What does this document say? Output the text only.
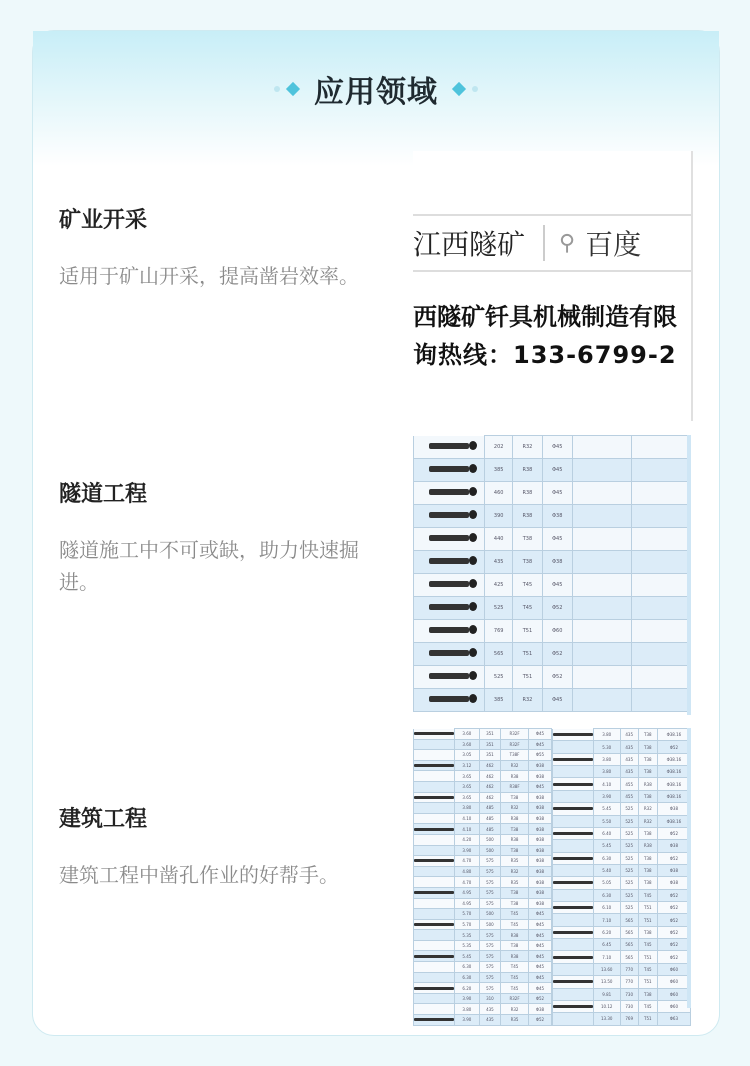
应用领域
矿业开采

适用于矿山开采，提高凿岩效率。

江西隧矿 ⚲ 百度
西隧矿钎具机械制造有限
询热线：133-6799-2
隧道工程

隧道施工中不可或缺，助力快速掘进。

	202	R32	Φ45		
	385	R38	Φ45		
	460	R38	Φ45		
	390	R38	Φ38		
	440	T38	Φ45		
	435	T38	Φ38		
	425	T45	Φ45		
	525	T45	Φ52		
	769	T51	Φ60		
	565	T51	Φ52		
	525	T51	Φ52		
	385	R32	Φ45		
建筑工程

建筑工程中凿孔作业的好帮手。

	3.60	351	R32F	Φ45
	3.60	351	R32F	Φ45
	3.05	351	T38F	Φ55
	3.12	462	R32	Φ38
	3.65	462	R38	Φ38
	3.65	462	R38F	Φ45
	3.65	462	T38	Φ38
	3.80	485	R32	Φ38
	4.10	485	R38	Φ38
	4.10	485	T38	Φ38
	4.20	500	R38	Φ38
	3.90	500	T38	Φ38
	4.70	575	R35	Φ38
	4.80	575	R32	Φ38
	4.70	575	R35	Φ38
	4.95	575	T38	Φ38
	4.95	575	T38	Φ38
	5.70	500	T45	Φ45
	5.70	500	T45	Φ45
	5.35	575	R38	Φ45
	5.35	575	T38	Φ45
	5.45	575	R38	Φ45
	6.30	575	T45	Φ45
	6.30	575	T45	Φ45
	6.20	575	T45	Φ45
	3.90	310	R32F	Φ52
	3.80	435	R32	Φ38
	3.90	435	R35	Φ52
	3.80	435	T38	Φ38.16
	5.30	435	T38	Φ52
	3.80	435	T38	Φ38.16
	3.80	435	T38	Φ38.16
	4.10	455	R38	Φ38.16
	3.90	455	T38	Φ38.16
	5.45	525	R32	Φ38
	5.50	525	R32	Φ38.16
	6.40	525	T38	Φ52
	5.45	525	R38	Φ38
	6.30	525	T38	Φ52
	5.40	525	T38	Φ38
	5.05	525	T38	Φ38
	6.30	525	T45	Φ52
	6.10	525	T51	Φ52
	7.10	565	T51	Φ52
	6.20	565	T38	Φ52
	6.45	565	T45	Φ52
	7.10	565	T51	Φ52
	13.60	770	T45	Φ60
	13.50	770	T51	Φ60
	9.81	730	T38	Φ60
	10.12	730	T45	Φ60
	13.30	769	T51	Φ63
